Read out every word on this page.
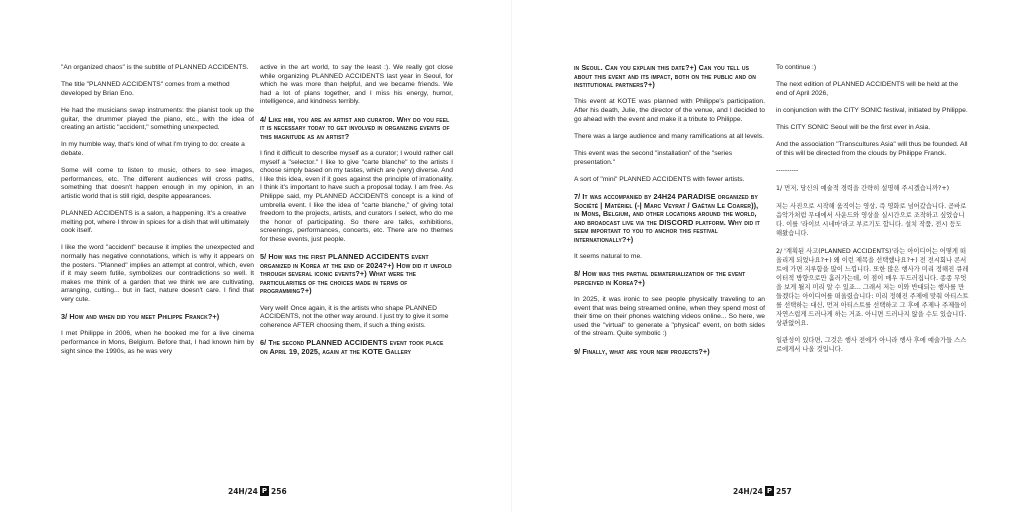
"An organized chaos" is the subtitle of PLANNED ACCIDENTS.

The title "PLANNED ACCIDENTS" comes from a method developed by Brian Eno.

He had the musicians swap instruments: the pianist took up the guitar, the drummer played the piano, etc., with the idea of creating an artistic "accident," something unexpected.

In my humble way, that's kind of what I'm trying to do: create a debate.

Some will come to listen to music, others to see images, performances, etc. The different audiences will cross paths, something that doesn't happen enough in my opinion, in an artistic world that is still rigid, despite appearances.

PLANNED ACCIDENTS is a salon, a happening. It's a creative melting pot, where I throw in spices for a dish that will ultimately cook itself.

I like the word "accident" because it implies the unexpected and normally has negative connotations, which is why it appears on the posters. "Planned" implies an attempt at control, which, even if it may seem futile, symbolizes our contradictions so well. It makes me think of a garden that we think we are cultivating, arranging, cutting... but in fact, nature doesn't care. I find that very cute.

3/ How and when did you meet Philippe Franck?+)

I met Philippe in 2006, when he booked me for a live cinema performance in Mons, Belgium. Before that, I had known him by sight since the 1990s, as he was very

active in the art world, to say the least :). We really got close while organizing PLANNED ACCIDENTS last year in Seoul, for which he was more than helpful, and we became friends. We had a lot of plans together, and I miss his energy, humor, intelligence, and kindness terribly.

4/ Like him, you are an artist and curator. Why do you feel it is necessary today to get involved in organizing events of this magnitude as an artist?

I find it difficult to describe myself as a curator; I would rather call myself a "selector." I like to give "carte blanche" to the artists I choose simply based on my tastes, which are (very) diverse. And I like this idea, even if it goes against the principle of irrationality. I think it's important to have such a proposal today. I am free. As Philippe said, my PLANNED ACCIDENTS concept is a kind of umbrella event. I like the idea of "carte blanche," of giving total freedom to the projects, artists, and curators I select, who do me the honor of participating. So there are talks, exhibitions, screenings, performances, concerts, etc. There are no themes for these events, just people.

5/ How was the first PLANNED ACCIDENTS event organized in Korea at the end of 2024?+) How did it unfold through several iconic events?+) What were the particularities of the choices made in terms of programming?+)

Very well! Once again, it is the artists who shape PLANNED ACCIDENTS, not the other way around. I just try to give it some coherence AFTER choosing them, if such a thing exists.

6/ The second PLANNED ACCIDENTS event took place on April 19, 2025, again at the KOTE Gallery

in Seoul. Can you explain this date?+) Can you tell us about this event and its impact, both on the public and on institutional partners?+)

This event at KOTE was planned with Philippe's participation. After his death, Julie, the director of the venue, and I decided to go ahead with the event and make it a tribute to Philippe.

There was a large audience and many ramifications at all levels.

This event was the second "installation" of the "series presentation."

A sort of "mini" PLANNED ACCIDENTS with fewer artists.

7/ It was accompanied by 24H24 PARADISE organized by Société | Matériel (-| Marc Veyrat / Gaëtan Le Coarer)), in Mons, Belgium, and other locations around the world, and broadcast live via the DISCORD platform. Why did it seem important to you to anchor this festival internationally?+)

It seems natural to me.

8/ How was this partial dematerialization of the event perceived in Korea?+)

In 2025, it was ironic to see people physically traveling to an event that was being streamed online, when they spend most of their time on their phones watching videos online... So here, we used the "virtual" to generate a "physical" event, on both sides of the stream. Quite symbolic :)

9/ Finally, what are your new projects?+)

To continue :)

The next edition of PLANNED ACCIDENTS will be held at the end of April 2026,

in conjunction with the CITY SONIC festival, initiated by Philippe.

This CITY SONIC Seoul will be the first ever in Asia.

And the association "Transcultures Asia" will thus be founded. All of this will be directed from the clouds by Philippe Franck.

----------

1/ 먼저, 당신의 예술적 경력을 간략히 설명해 주시겠습니까?+)

저는 사진으로 시작해 움직이는 영상, 즉 영화로 넘어갔습니다. 곧바로 음악가처럼 무대에서 사운드와 영상을 실시간으로 조작하고 싶었습니다. 이를 '라이브 시네마'라고 부르기도 합니다. 설치 작품, 전시 등도 해왔습니다.

2/ '계획된 사고(PLANNED ACCIDENTS)'라는 아이디어는 어떻게 떠올리게 되었나요?+) 왜 이런 제목을 선택했나요?+) 전 전시회나 콘서트에 가면 지루함을 많이 느낍니다. 또한 많은 행사가 미리 정해진 큐레이터적 방향으로만 흘러가는데, 이 점이 매우 두드러집니다. 종종 무엇을 보게 될지 미리 알 수 있죠... 그래서 저는 이와 반대되는 행사를 만들겠다는 아이디어를 떠올렸습니다: 미리 정해진 주제에 맞춰 아티스트를 선택하는 대신, 먼저 아티스트를 선택하고 그 후에 주제나 주제들이 자연스럽게 드러나게 하는 거죠. 아니면 드러나지 않을 수도 있습니다. 상관없어요.

일관성이 있다면, 그것은 행사 전에가 아니라 행사 후에 예술가들 스스로에게서 나올 것입니다.

24H/24 P 256	24H/24 P 257
